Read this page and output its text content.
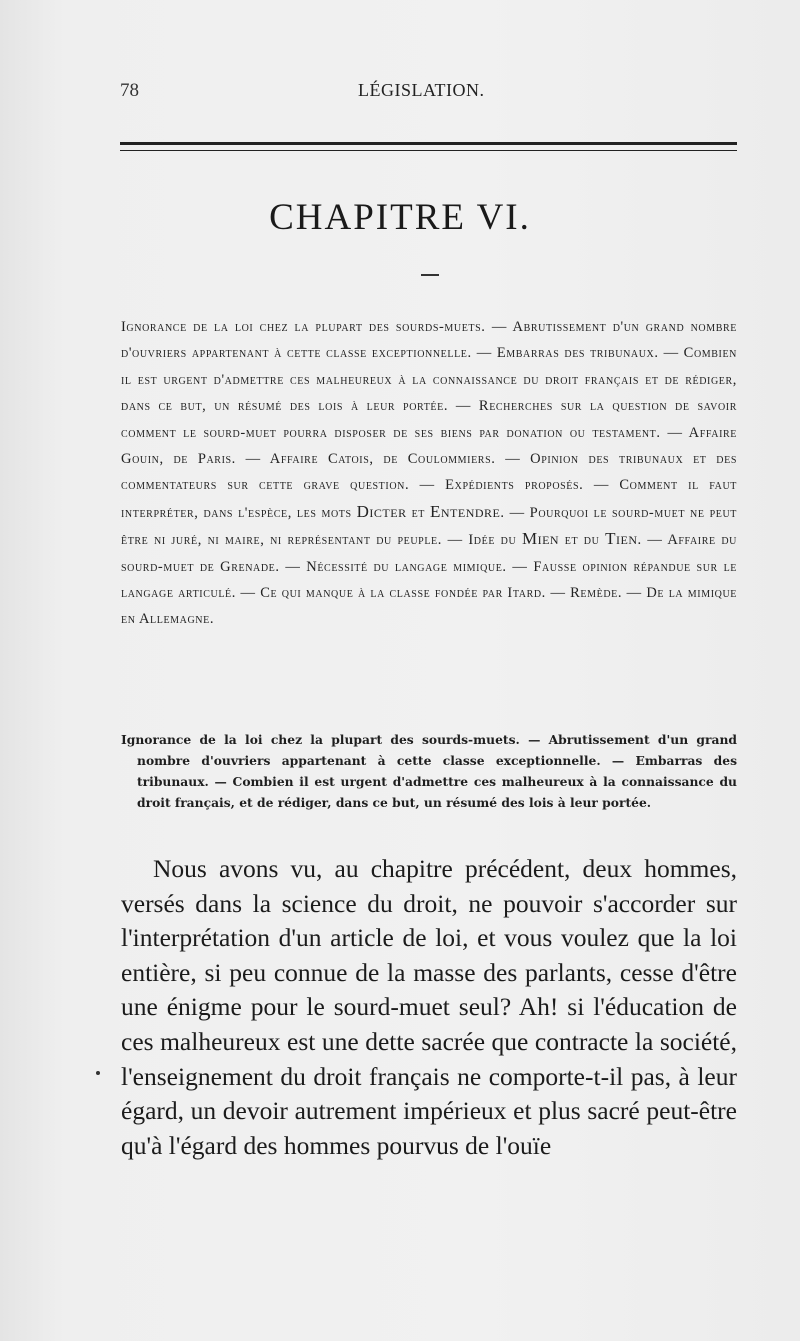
78	LÉGISLATION.
CHAPITRE VI.

Ignorance de la loi chez la plupart des sourds-muets. — Abrutissement d'un grand nombre d'ouvriers appartenant à cette classe exceptionnelle. — Embarras des tribunaux. — Combien il est urgent d'admettre ces malheureux à la connaissance du droit français et de rédiger, dans ce but, un résumé des lois à leur portée. — Recherches sur la question de savoir comment le sourd-muet pourra disposer de ses biens par donation ou testament. — Affaire Gouin, de Paris. — Affaire Catois, de Coulommiers. — Opinion des tribunaux et des commentateurs sur cette grave question. — Expédients proposés. — Comment il faut interpréter, dans l'espèce, les mots Dicter et Entendre. — Pourquoi le sourd-muet ne peut être ni juré, ni maire, ni représentant du peuple. — Idée du Mien et du Tien. — Affaire du sourd-muet de Grenade. — Nécessité du langage mimique. — Fausse opinion répandue sur le langage articulé. — Ce qui manque à la classe fondée par Itard. — Remède. — De la mimique en Allemagne.

Ignorance de la loi chez la plupart des sourds-muets. — Abrutissement d'un grand nombre d'ouvriers appartenant à cette classe exceptionnelle. — Embarras des tribunaux. — Combien il est urgent d'admettre ces malheureux à la connaissance du droit français, et de rédiger, dans ce but, un résumé des lois à leur portée.

Nous avons vu, au chapitre précédent, deux hommes, versés dans la science du droit, ne pouvoir s'accorder sur l'interprétation d'un article de loi, et vous voulez que la loi entière, si peu connue de la masse des parlants, cesse d'être une énigme pour le sourd-muet seul? Ah! si l'éducation de ces malheureux est une dette sacrée que contracte la société, l'enseignement du droit français ne comporte-t-il pas, à leur égard, un devoir autrement impérieux et plus sacré peut-être qu'à l'égard des hommes pourvus de l'ouïe
